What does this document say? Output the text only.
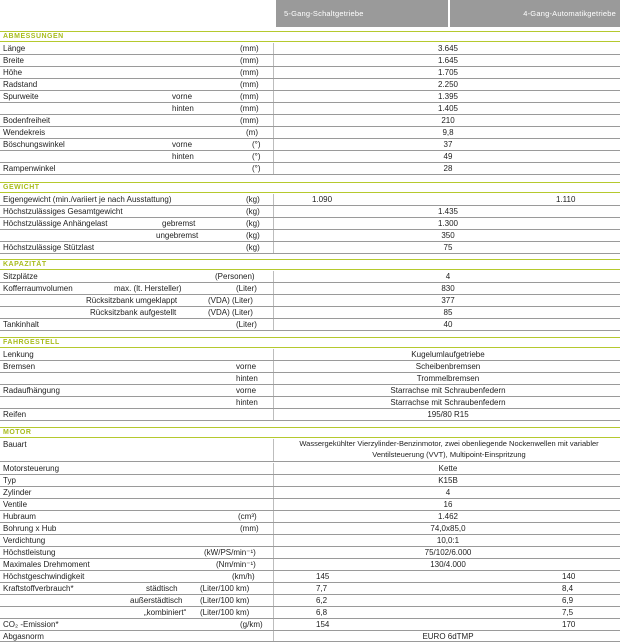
5-Gang-Schaltgetriebe	4-Gang-Automatikgetriebe
ABMESSUNGEN
Länge	(mm)	3.645
Breite	(mm)	1.645
Höhe	(mm)	1.705
Radstand	(mm)	2.250
Spurweite	vorne	(mm)	1.395
hinten	(mm)	1.405
Bodenfreiheit	(mm)	210
Wendekreis	(m)	9,8
Böschungswinkel	vorne	(°)	37
hinten	(°)	49
Rampenwinkel	(°)	28
GEWICHT
Eigengewicht (min./variiert je nach Ausstattung)	(kg)	1.090	1.110
Höchstzulässiges Gesamtgewicht	(kg)	1.435
Höchstzulässige Anhängelast	gebremst	(kg)	1.300
ungebremst	(kg)	350
Höchstzulässige Stützlast	(kg)	75
KAPAZITÄT
Sitzplätze	(Personen)	4
Kofferraumvolumen	max. (lt. Hersteller)	(Liter)	830
Rücksitzbank umgeklappt	(VDA) (Liter)	377
Rücksitzbank aufgestellt	(VDA) (Liter)	85
Tankinhalt	(Liter)	40
FAHRGESTELL
Lenkung	Kugelumlaufgetriebe
Bremsen	vorne	Scheibenbremsen
hinten	Trommelbremsen
Radaufhängung	vorne	Starrachse mit Schraubenfedern
hinten	Starrachse mit Schraubenfedern
Reifen	195/80 R15
MOTOR
Bauart	Wassergekühlter Vierzylinder-Benzinmotor, zwei obenliegende Nockenwellen mit variabler Ventilsteuerung (VVT), Multipoint-Einspritzung
Motorsteuerung	Kette
Typ	K15B
Zylinder	4
Ventile	16
Hubraum	(cm³)	1.462
Bohrung x Hub	(mm)	74,0x85,0
Verdichtung	10,0:1
Höchstleistung	(kW/PS/min⁻¹)	75/102/6.000
Maximales Drehmoment	(Nm/min⁻¹)	130/4.000
Höchstgeschwindigkeit	(km/h)	145	140
Kraftstoffverbrauch*	städtisch	(Liter/100 km)	7,7	8,4
außerstädtisch (Liter/100 km)	6,2	6,9
„kombiniert“ (Liter/100 km)	6,8	7,5
CO₂ -Emission*	(g/km)	154	170
Abgasnorm	EURO 6dTMP
